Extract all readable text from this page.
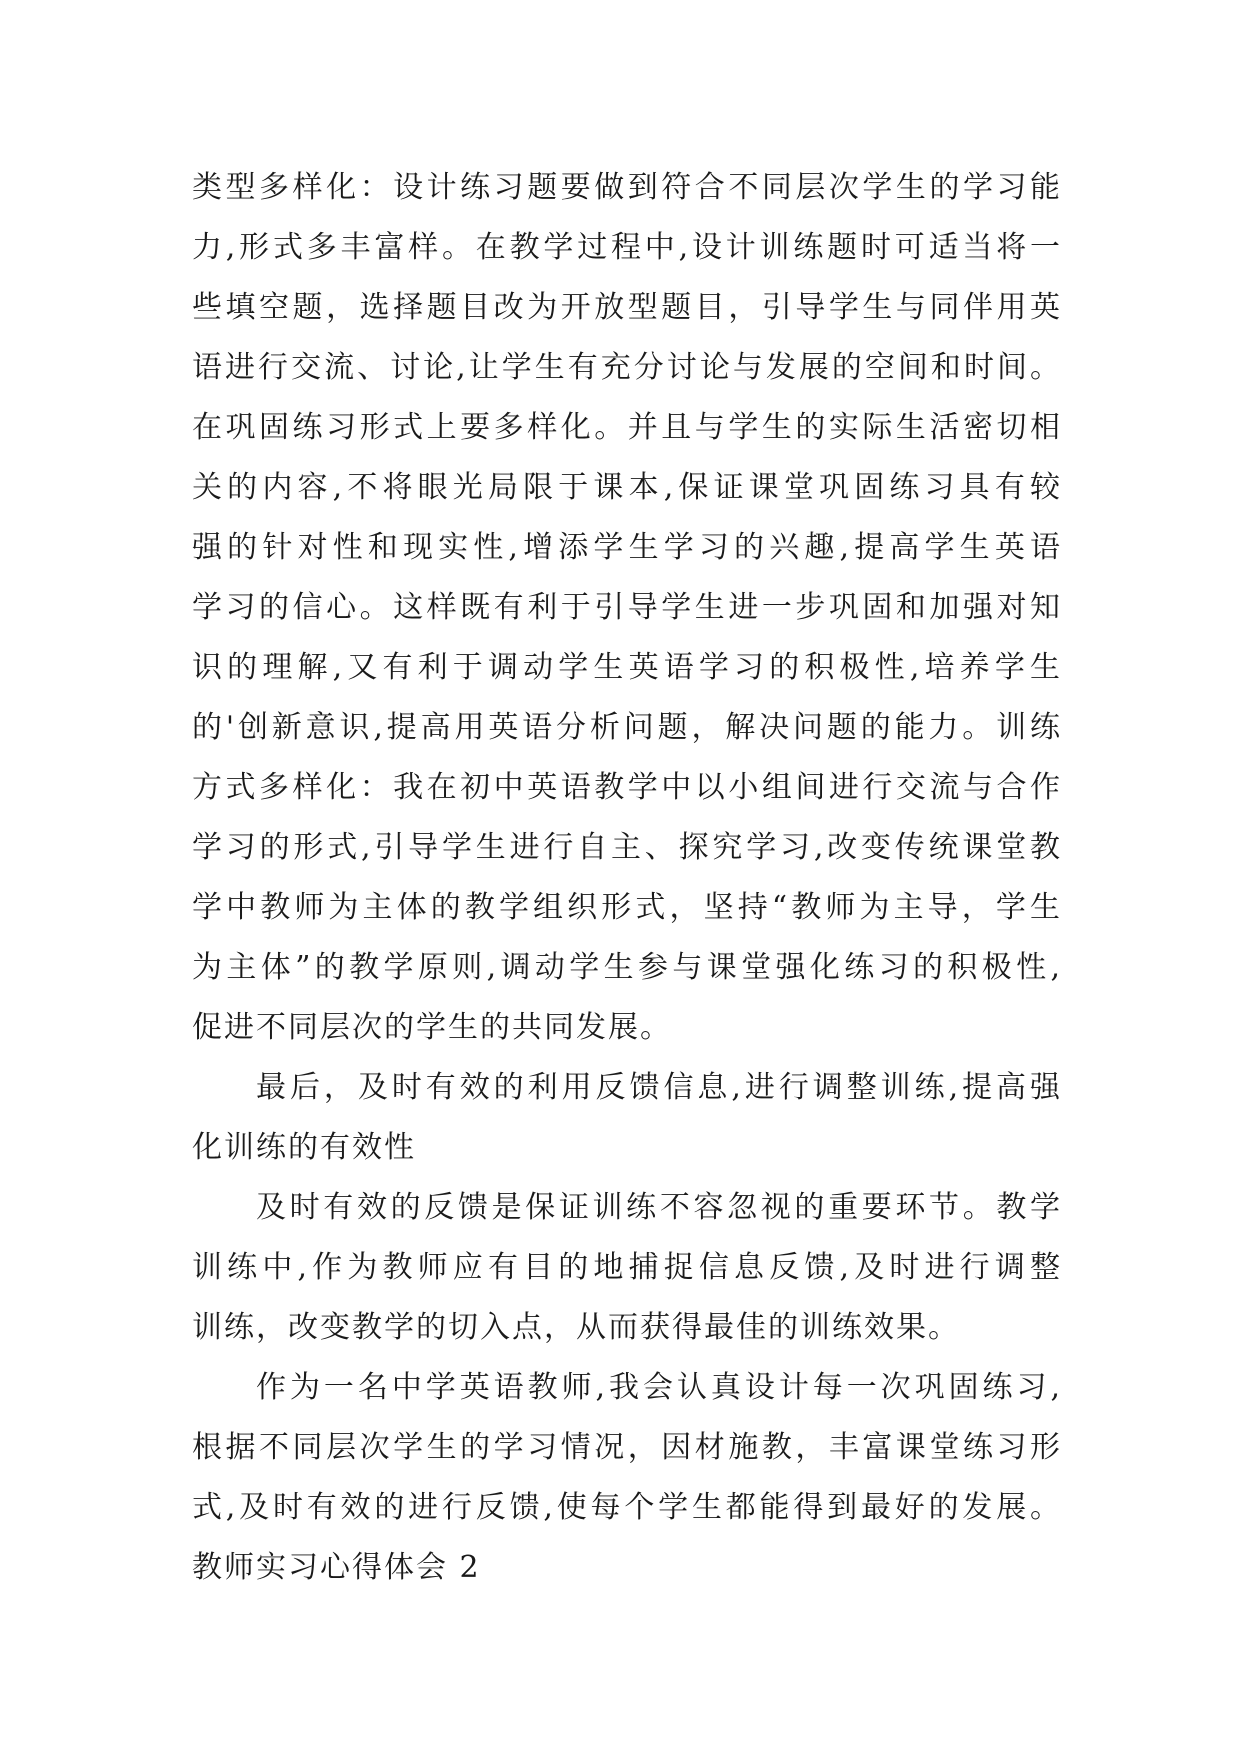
类型多样化：设计练习题要做到符合不同层次学生的学习能
力,形式多丰富样。在教学过程中,设计训练题时可适当将一
些填空题，选择题目改为开放型题目，引导学生与同伴用英
语进行交流、讨论,让学生有充分讨论与发展的空间和时间。
在巩固练习形式上要多样化。并且与学生的实际生活密切相
关的内容,不将眼光局限于课本,保证课堂巩固练习具有较
强的针对性和现实性,增添学生学习的兴趣,提高学生英语
学习的信心。这样既有利于引导学生进一步巩固和加强对知
识的理解,又有利于调动学生英语学习的积极性,培养学生
的'创新意识,提高用英语分析问题，解决问题的能力。训练
方式多样化：我在初中英语教学中以小组间进行交流与合作
学习的形式,引导学生进行自主、探究学习,改变传统课堂教
学中教师为主体的教学组织形式，坚持“教师为主导，学生
为主体”的教学原则,调动学生参与课堂强化练习的积极性,
促进不同层次的学生的共同发展。
最后，及时有效的利用反馈信息,进行调整训练,提高强
化训练的有效性
及时有效的反馈是保证训练不容忽视的重要环节。教学
训练中,作为教师应有目的地捕捉信息反馈,及时进行调整
训练，改变教学的切入点，从而获得最佳的训练效果。
作为一名中学英语教师,我会认真设计每一次巩固练习,
根据不同层次学生的学习情况，因材施教，丰富课堂练习形
式,及时有效的进行反馈,使每个学生都能得到最好的发展。
教师实习心得体会 2
